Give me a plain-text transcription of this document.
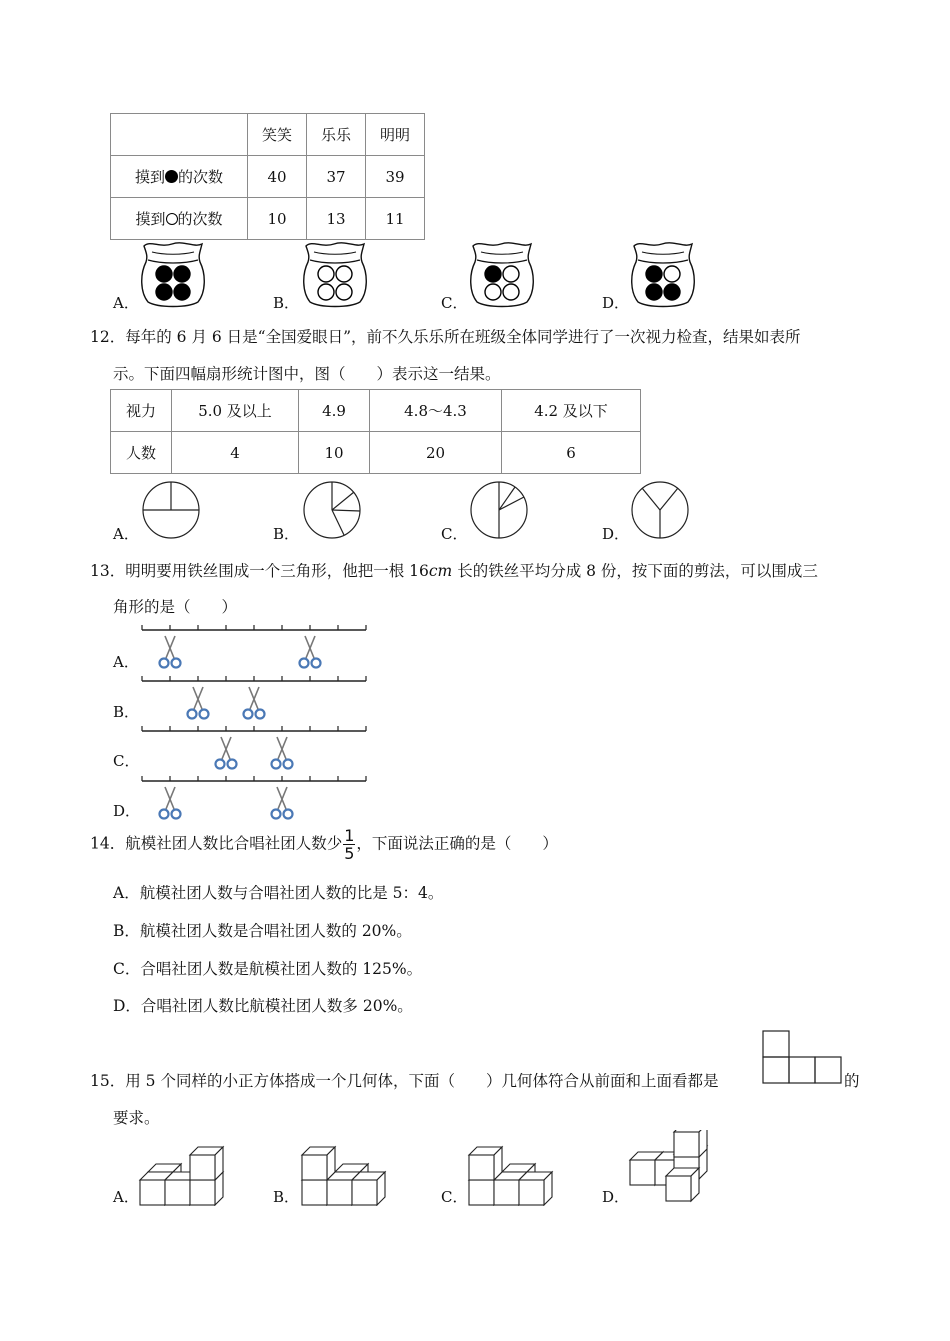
	笑笑	乐乐	明明
摸到 的次数	40	37	39
摸到 的次数	10	13	11
A．	B．	C．	D．
12．每年的 6 月 6 日是“全国爱眼日”，前不久乐乐所在班级全体同学进行了一次视力检查，结果如表所
示。下面四幅扇形统计图中，图（　　）表示这一结果。
视力	5.0 及以上	4.9	4.8～4.3	4.2 及以下
人数	4	10	20	6
A．	B．	C．	D．
13．明明要用铁丝围成一个三角形，他把一根 16cm 长的铁丝平均分成 8 份，按下面的剪法，可以围成三
角形的是（　　）
A．
B．
C．
D．
14．航模社团人数比合唱社团人数少 $\frac{1}{5}$ ，下面说法正确的是（　　）
A．航模社团人数与合唱社团人数的比是 5：4。
B．航模社团人数是合唱社团人数的 20%。
C．合唱社团人数是航模社团人数的 125%。
D．合唱社团人数比航模社团人数多 20%。
15．用 5 个同样的小正方体搭成一个几何体，下面（　　）几何体符合从前面和上面看都是	的
要求。
A．	B．	C．	D．
